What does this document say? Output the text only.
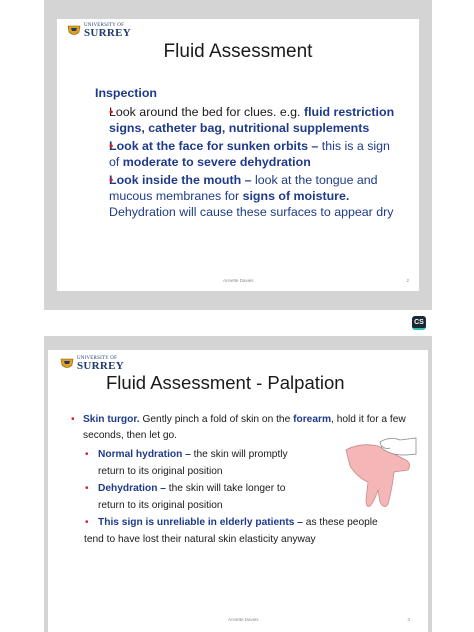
UNIVERSITY OF
SURREY
Fluid Assessment
Inspection
• Look around the bed for clues. e.g. fluid restriction signs, catheter bag, nutritional supplements
• Look at the face for sunken orbits – this is a sign of moderate to severe dehydration
• Look inside the mouth – look at the tongue and mucous membranes for signs of moisture. Dehydration will cause these surfaces to appear dry
Annette Davies	2
CS
UNIVERSITY OF
SURREY
Fluid Assessment - Palpation
•
Skin turgor. Gently pinch a fold of skin on the forearm, hold it for a few seconds, then let go.
•
Normal hydration – the skin will promptly
return to its original position
•
Dehydration – the skin will take longer to
return to its original position
•
This sign is unreliable in elderly patients – as these people
tend to have lost their natural skin elasticity anyway
Annette Davies	3
